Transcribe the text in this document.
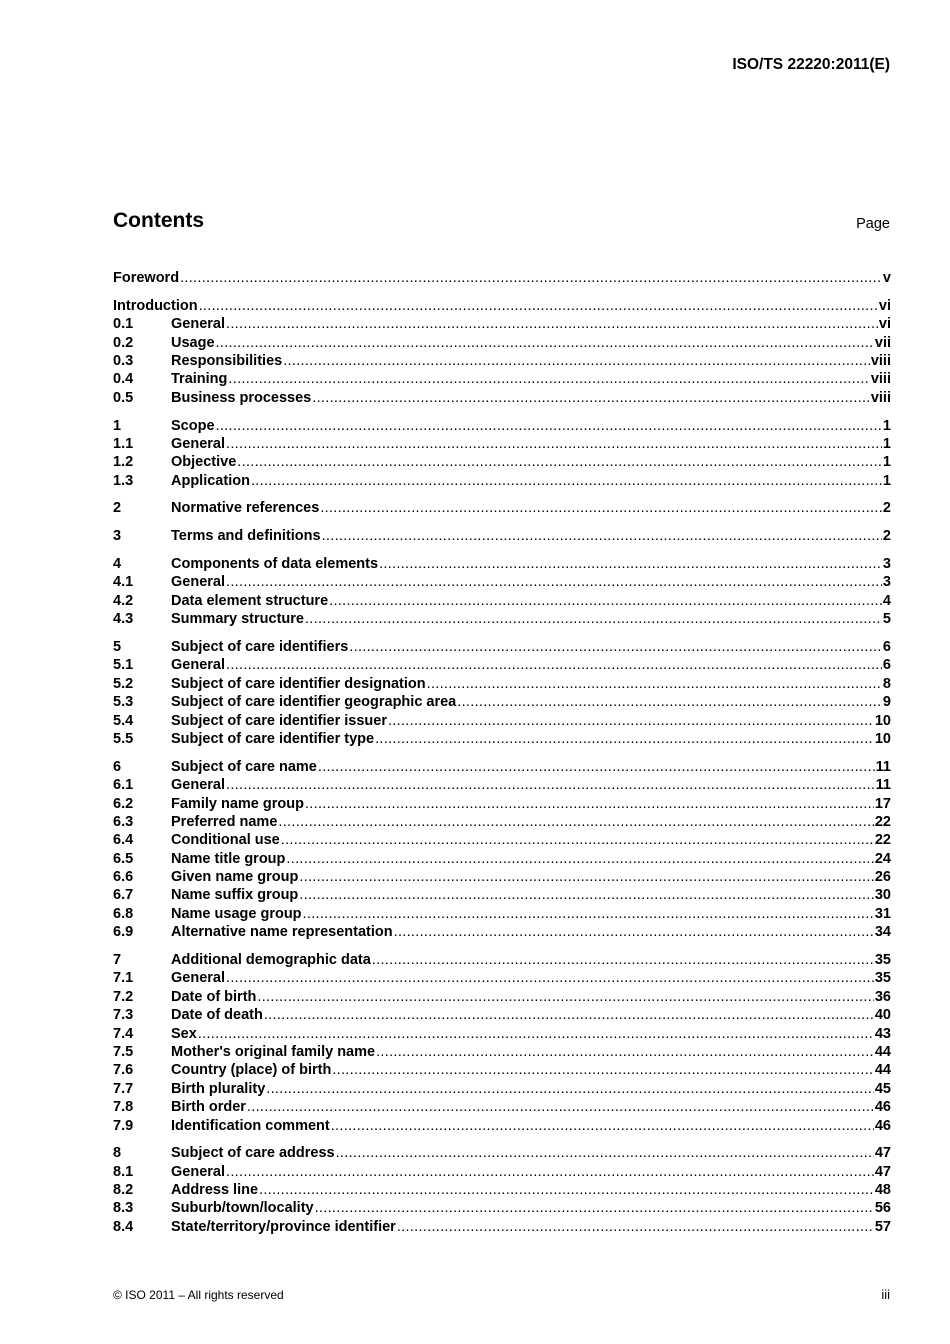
ISO/TS 22220:2011(E)
Contents	Page
Foreword .....	v
Introduction .....	vi
0.1	General .....	vi
0.2	Usage .....	vii
0.3	Responsibilities .....	viii
0.4	Training .....	viii
0.5	Business processes .....	viii
1	Scope .....	1
1.1	General .....	1
1.2	Objective .....	1
1.3	Application .....	1
2	Normative references .....	2
3	Terms and definitions .....	2
4	Components of data elements .....	3
4.1	General .....	3
4.2	Data element structure .....	4
4.3	Summary structure .....	5
5	Subject of care identifiers .....	6
5.1	General .....	6
5.2	Subject of care identifier designation .....	8
5.3	Subject of care identifier geographic area .....	9
5.4	Subject of care identifier issuer .....	10
5.5	Subject of care identifier type .....	10
6	Subject of care name .....	11
6.1	General .....	11
6.2	Family name group .....	17
6.3	Preferred name .....	22
6.4	Conditional use .....	22
6.5	Name title group .....	24
6.6	Given name group .....	26
6.7	Name suffix group .....	30
6.8	Name usage group .....	31
6.9	Alternative name representation .....	34
7	Additional demographic data .....	35
7.1	General .....	35
7.2	Date of birth .....	36
7.3	Date of death .....	40
7.4	Sex .....	43
7.5	Mother's original family name .....	44
7.6	Country (place) of birth .....	44
7.7	Birth plurality .....	45
7.8	Birth order .....	46
7.9	Identification comment .....	46
8	Subject of care address .....	47
8.1	General .....	47
8.2	Address line .....	48
8.3	Suburb/town/locality .....	56
8.4	State/territory/province identifier .....	57
© ISO 2011 – All rights reserved	iii
